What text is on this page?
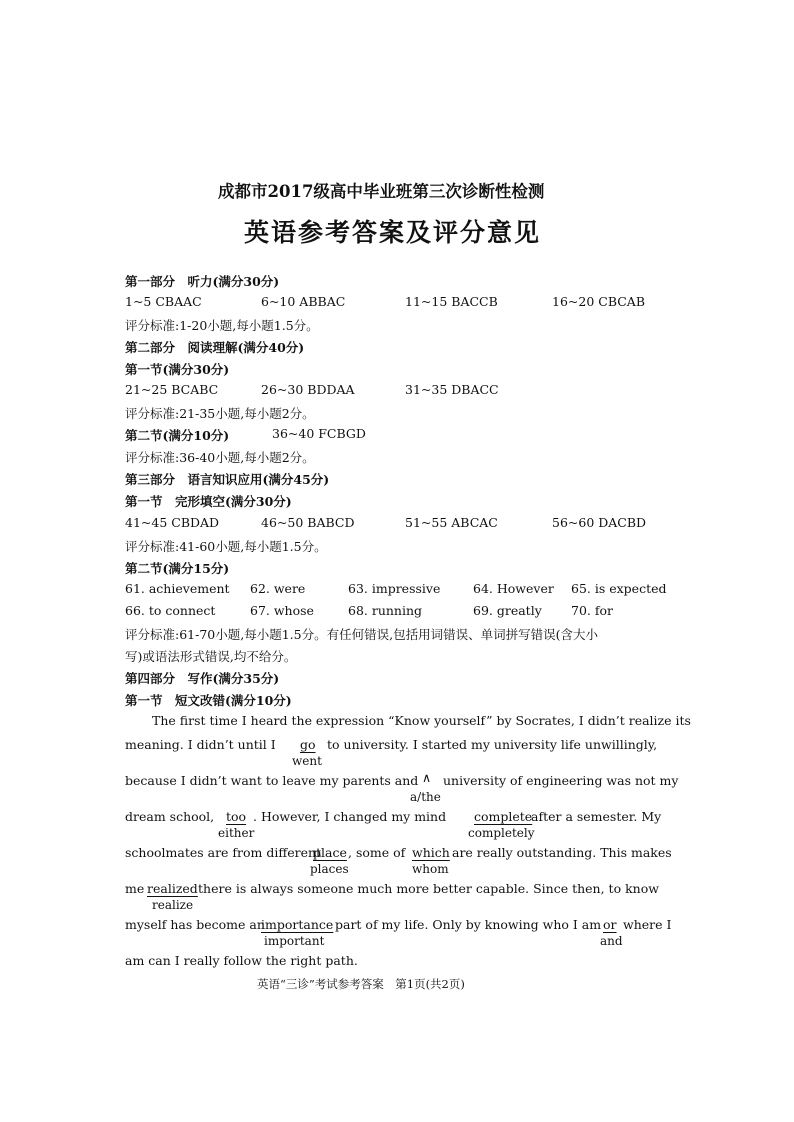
成都市2017级高中毕业班第三次诊断性检测
英语参考答案及评分意见
第一部分　听力(满分30分)
1~5 CBAAC	6~10 ABBAC	11~15 BACCB	16~20 CBCAB
评分标准:1-20小题,每小题1.5分。
第二部分　阅读理解(满分40分)
第一节(满分30分)
21~25 BCABC	26~30 BDDAA	31~35 DBACC
评分标准:21-35小题,每小题2分。
第二节(满分10分)	36~40 FCBGD
评分标准:36-40小题,每小题2分。
第三部分　语言知识应用(满分45分)
第一节　完形填空(满分30分)
41~45 CBDAD	46~50 BABCD	51~55 ABCAC	56~60 DACBD
评分标准:41-60小题,每小题1.5分。
第二节(满分15分)
61. achievement 62. were	63. impressive	64. However 65. is expected
66. to connect	67. whose	68. running	69. greatly 70. for
评分标准:61-70小题,每小题1.5分。有任何错误,包括用词错误、单词拼写错误(含大小
写)或语法形式错误,均不给分。
第四部分　写作(满分35分)
第一节　短文改错(满分10分)
The first time I heard the expression “Know yourself” by Socrates, I didn’t realize its
meaning. I didn’t until I go to university. I started my university life unwillingly,
went
because I didn’t want to leave my parents and ∧ university of engineering was not my
a/the
dream school, too . However, I changed my mind complete
after a semester. My
either	completely
schoolmates are from different
place , some of which are really outstanding. This makes
places	whom
me realized there is always someone much more better capable. Since then, to know
realize
myself has become an
importance part of my life. Only by knowing who I am or where I
important	and
am can I really follow the right path.
英语“三诊”考试参考答案　第1页(共2页)
